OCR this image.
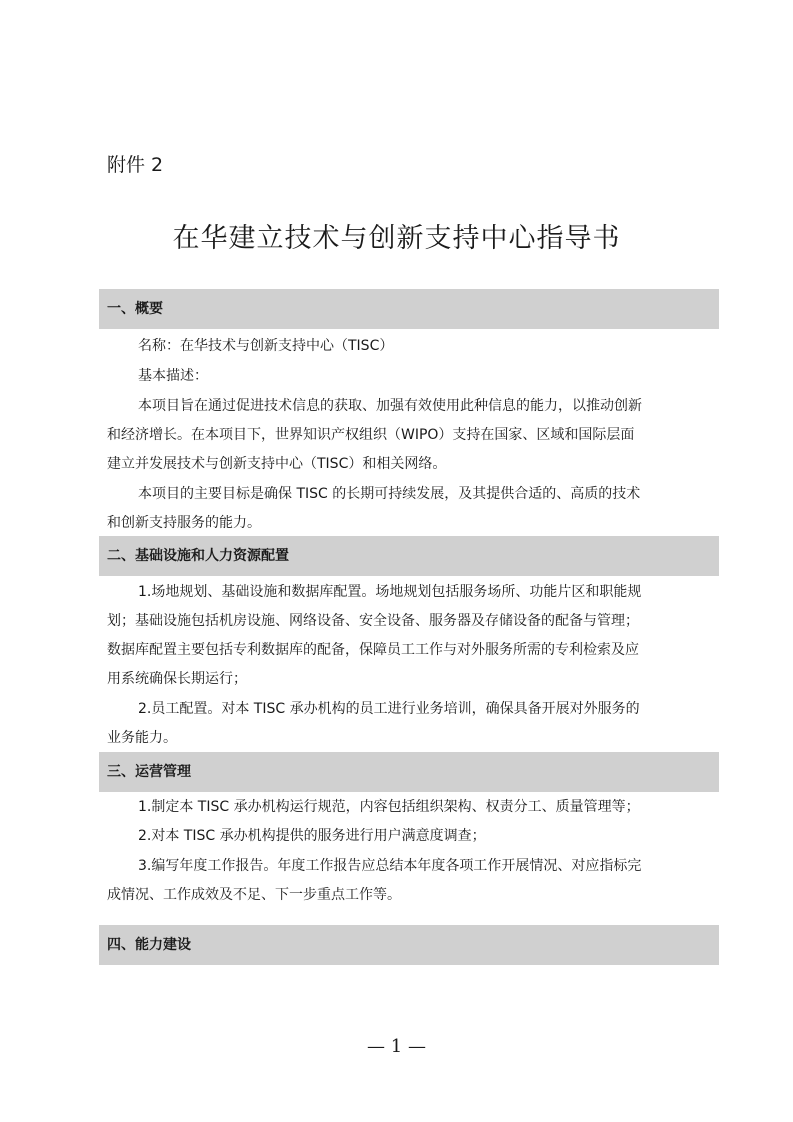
附件 2
在华建立技术与创新支持中心指导书
一、概要
名称：在华技术与创新支持中心（TISC）
基本描述：
本项目旨在通过促进技术信息的获取、加强有效使用此种信息的能力，以推动创新
和经济增长。在本项目下，世界知识产权组织（WIPO）支持在国家、区域和国际层面
建立并发展技术与创新支持中心（TISC）和相关网络。
本项目的主要目标是确保 TISC 的长期可持续发展，及其提供合适的、高质的技术
和创新支持服务的能力。
二、基础设施和人力资源配置
1.场地规划、基础设施和数据库配置。场地规划包括服务场所、功能片区和职能规
划；基础设施包括机房设施、网络设备、安全设备、服务器及存储设备的配备与管理；
数据库配置主要包括专利数据库的配备，保障员工工作与对外服务所需的专利检索及应
用系统确保长期运行；
2.员工配置。对本 TISC 承办机构的员工进行业务培训，确保具备开展对外服务的
业务能力。
三、运营管理
1.制定本 TISC 承办机构运行规范，内容包括组织架构、权责分工、质量管理等；
2.对本 TISC 承办机构提供的服务进行用户满意度调查；
3.编写年度工作报告。年度工作报告应总结本年度各项工作开展情况、对应指标完
成情况、工作成效及不足、下一步重点工作等。
四、能力建设
— 1 —
